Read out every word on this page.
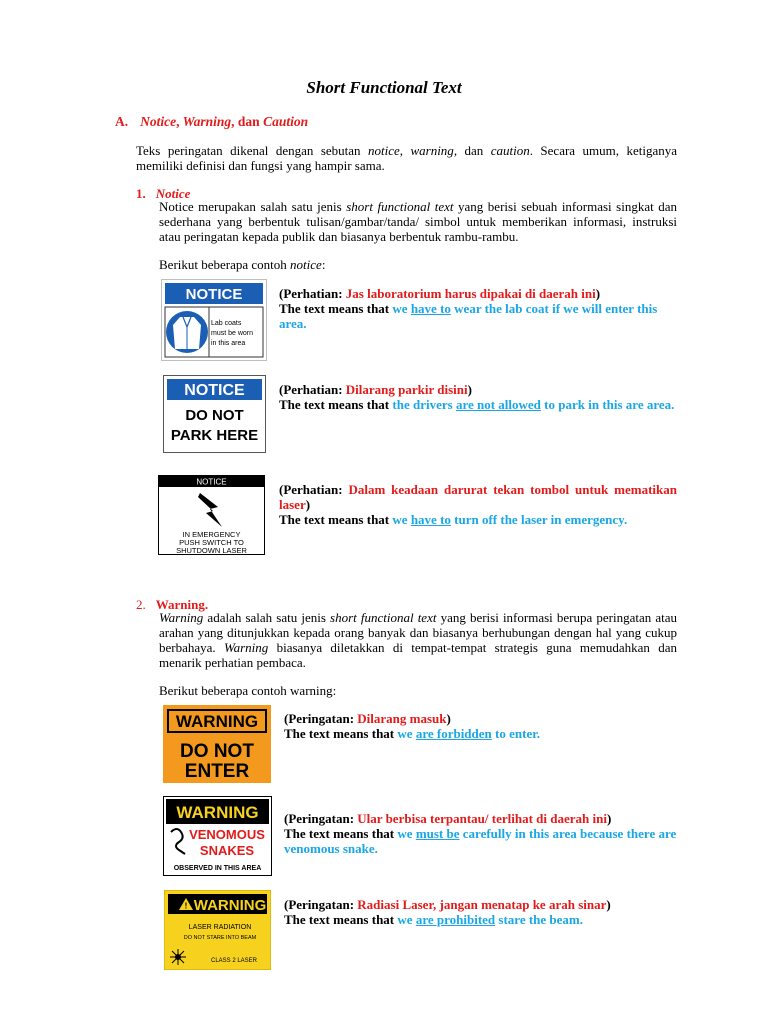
Short Functional Text
A. Notice, Warning, dan Caution
Teks peringatan dikenal dengan sebutan notice, warning, dan caution. Secara umum, ketiganya memiliki definisi dan fungsi yang hampir sama.
1. Notice
Notice merupakan salah satu jenis short functional text yang berisi sebuah informasi singkat dan sederhana yang berbentuk tulisan/gambar/tanda/ simbol untuk memberikan informasi, instruksi atau peringatan kepada publik dan biasanya berbentuk rambu-rambu.
Berikut beberapa contoh notice:
NOTICE
Lab coats
must be worn
in this area
(Perhatian: Jas laboratorium harus dipakai di daerah ini)
The text means that we have to wear the lab coat if we will enter this area.
NOTICE
DO NOT
PARK HERE
(Perhatian: Dilarang parkir disini)
The text means that the drivers are not allowed to park in this are area.
NOTICE
IN EMERGENCY
PUSH SWITCH TO
SHUTDOWN LASER
(Perhatian: Dalam keadaan darurat tekan tombol untuk mematikan laser)
The text means that we have to turn off the laser in emergency.
2. Warning.
Warning adalah salah satu jenis short functional text yang berisi informasi berupa peringatan atau arahan yang ditunjukkan kepada orang banyak dan biasanya berhubungan dengan hal yang cukup berbahaya. Warning biasanya diletakkan di tempat-tempat strategis guna memudahkan dan menarik perhatian pembaca.
Berikut beberapa contoh warning:
WARNING
DO NOT
ENTER
(Peringatan: Dilarang masuk)
The text means that we are forbidden to enter.
WARNING
VENOMOUS
SNAKES
OBSERVED IN THIS AREA
(Peringatan: Ular berbisa terpantau/ terlihat di daerah ini)
The text means that we must be carefully in this area because there are venomous snake.
! WARNING
LASER RADIATION
DO NOT STARE INTO BEAM
CLASS 2 LASER
(Peringatan: Radiasi Laser, jangan menatap ke arah sinar)
The text means that we are prohibited stare the beam.
